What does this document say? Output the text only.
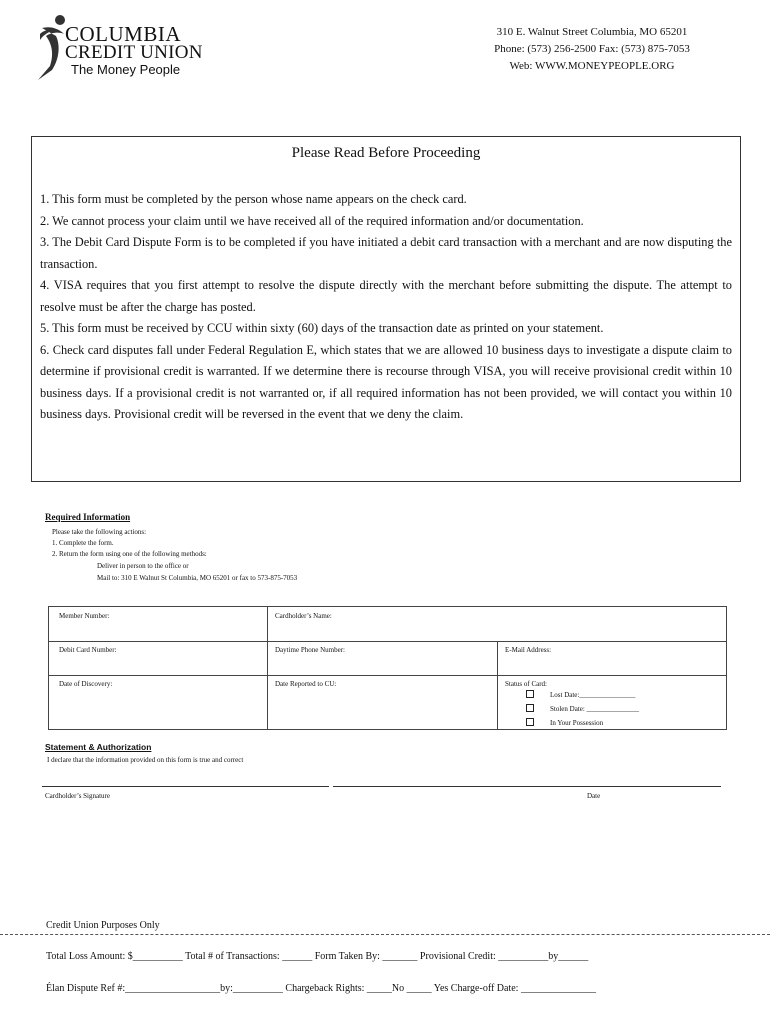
COLUMBIA
CREDIT UNION
The Money People
310 E. Walnut Street Columbia, MO 65201
Phone: (573) 256-2500 Fax: (573) 875-7053
Web: WWW.MONEYPEOPLE.ORG
Please Read Before Proceeding

1. This form must be completed by the person whose name appears on the check card.

2. We cannot process your claim until we have received all of the required information and/or documentation.

3. The Debit Card Dispute Form is to be completed if you have initiated a debit card transaction with a merchant and are now disputing the transaction.

4. VISA requires that you first attempt to resolve the dispute directly with the merchant before submitting the dispute. The attempt to resolve must be after the charge has posted.

5. This form must be received by CCU within sixty (60) days of the transaction date as printed on your statement.

6. Check card disputes fall under Federal Regulation E, which states that we are allowed 10 business days to investigate a dispute claim to determine if provisional credit is warranted. If we determine there is recourse through VISA, you will receive provisional credit within 10 business days. If a provisional credit is not warranted or, if all required information has not been provided, we will contact you within 10 business days. Provisional credit will be reversed in the event that we deny the claim.

Required Information
Please take the following actions:
1. Complete the form.
2. Return the form using one of the following methods:
Deliver in person to the office or
Mail to: 310 E Walnut St Columbia, MO 65201 or fax to 573-875-7053
Member Number:	Cardholder’s Name:
Debit Card Number:	Daytime Phone Number:	E-Mail Address:
Date of Discovery:	Date Reported to CU:	Status of Card:
Lost Date:________________
Stolen Date: _______________
In Your Possession
Statement & Authorization
I declare that the information provided on this form is true and correct
Cardholder’s Signature	Date
Credit Union Purposes Only
Total Loss Amount: $__________ Total # of Transactions: ______ Form Taken By: _______ Provisional Credit: __________by______
Élan Dispute Ref #:___________________by:__________ Chargeback Rights: _____No _____ Yes Charge-off Date: _______________
